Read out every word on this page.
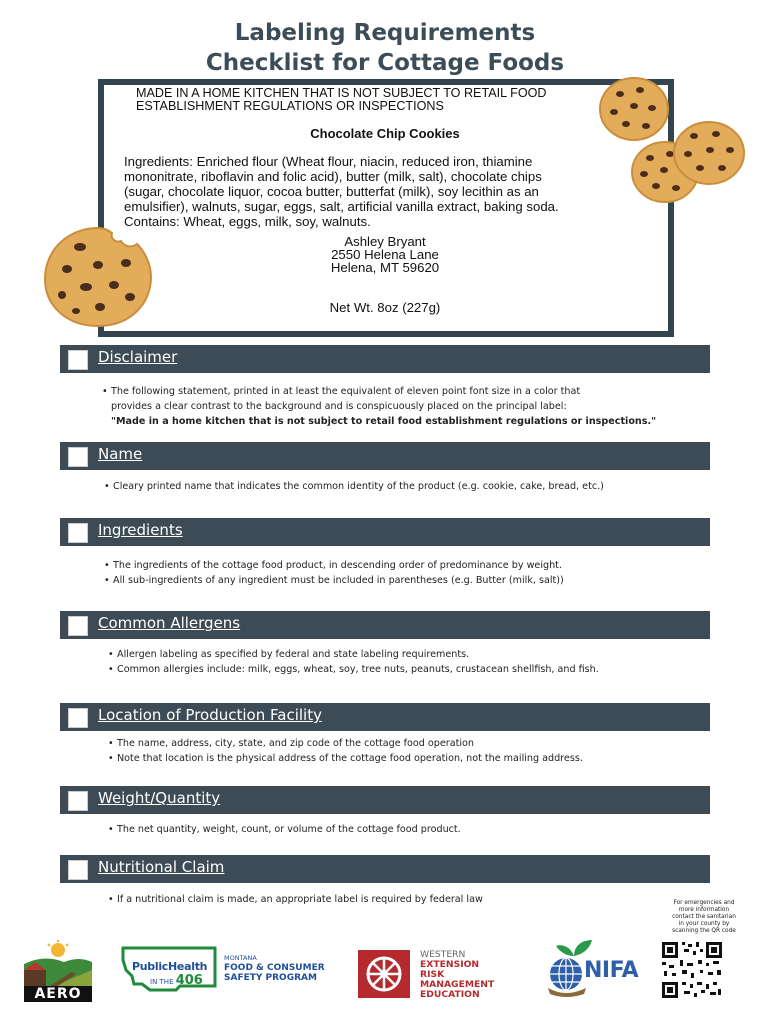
Labeling Requirements
Checklist for Cottage Foods
MADE IN A HOME KITCHEN THAT IS NOT SUBJECT TO RETAIL FOOD
ESTABLISHMENT REGULATIONS OR INSPECTIONS
Chocolate Chip Cookies
Ingredients: Enriched flour (Wheat flour, niacin, reduced iron, thiamine
mononitrate, riboflavin and folic acid), butter (milk, salt), chocolate chips
(sugar, chocolate liquor, cocoa butter, butterfat (milk), soy lecithin as an
emulsifier), walnuts, sugar, eggs, salt, artificial vanilla extract, baking soda.
Contains: Wheat, eggs, milk, soy, walnuts.
Ashley Bryant
2550 Helena Lane
Helena, MT 59620
Net Wt. 8oz (227g)
Disclaimer
• The following statement, printed in at least the equivalent of eleven point font size in a color that
provides a clear contrast to the background and is conspicuously placed on the principal label:
"Made in a home kitchen that is not subject to retail food establishment regulations or inspections."
Name
• Cleary printed name that indicates the common identity of the product (e.g. cookie, cake, bread, etc.)
Ingredients
• The ingredients of the cottage food product, in descending order of predominance by weight.
• All sub-ingredients of any ingredient must be included in parentheses (e.g. Butter (milk, salt))
Common Allergens
• Allergen labeling as specified by federal and state labeling requirements.
• Common allergies include: milk, eggs, wheat, soy, tree nuts, peanuts, crustacean shellfish, and fish.
Location of Production Facility
• The name, address, city, state, and zip code of the cottage food operation
• Note that location is the physical address of the cottage food operation, not the mailing address.
Weight/Quantity
• The net quantity, weight, count, or volume of the cottage food product.
Nutritional Claim
• If a nutritional claim is made, an appropriate label is required by federal law	For emergencies and
more information
contact the sanitarian
in your county by
scanning the QR code
AERO
PublicHealth
IN THE 406
MONTANA
FOOD & CONSUMER
SAFETY PROGRAM
WESTERN
EXTENSION
RISK
MANAGEMENT
EDUCATION
NIFA
